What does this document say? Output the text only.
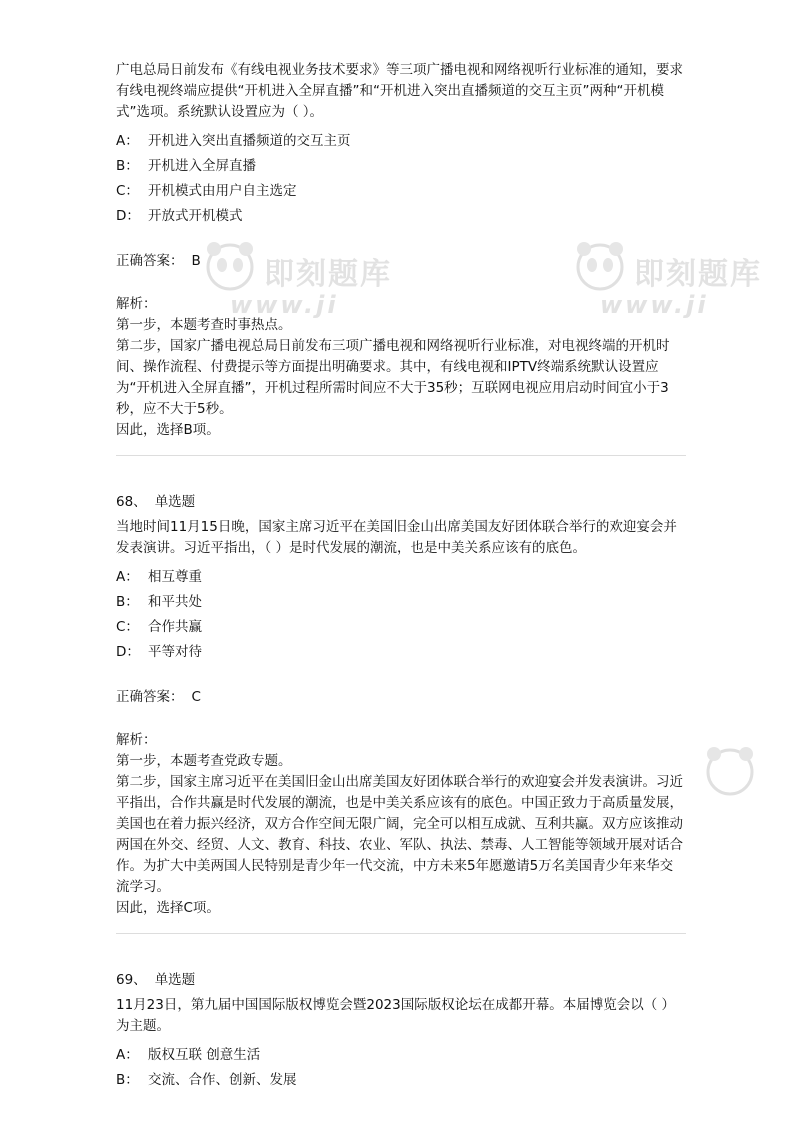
即刻题库
www.ji
即刻题库
www.ji

广电总局日前发布《有线电视业务技术要求》等三项广播电视和网络视听行业标准的通知，要求有线电视终端应提供“开机进入全屏直播”和“开机进入突出直播频道的交互主页”两种“开机模式”选项。系统默认设置应为（ ）。

A： 开机进入突出直播频道的交互主页
B： 开机进入全屏直播
C： 开机模式由用户自主选定
D： 开放式开机模式
正确答案： B
解析：

第一步，本题考查时事热点。

第二步，国家广播电视总局日前发布三项广播电视和网络视听行业标准，对电视终端的开机时间、操作流程、付费提示等方面提出明确要求。其中，有线电视和IPTV终端系统默认设置应为“开机进入全屏直播”，开机过程所需时间应不大于35秒；互联网电视应用启动时间宜小于3秒，应不大于5秒。

因此，选择B项。

68、 单选题

当地时间11月15日晚，国家主席习近平在美国旧金山出席美国友好团体联合举行的欢迎宴会并发表演讲。习近平指出，（ ）是时代发展的潮流，也是中美关系应该有的底色。

A： 相互尊重
B： 和平共处
C： 合作共赢
D： 平等对待
正确答案： C
解析：

第一步，本题考查党政专题。

第二步，国家主席习近平在美国旧金山出席美国友好团体联合举行的欢迎宴会并发表演讲。习近平指出，合作共赢是时代发展的潮流，也是中美关系应该有的底色。中国正致力于高质量发展，美国也在着力振兴经济，双方合作空间无限广阔，完全可以相互成就、互利共赢。双方应该推动两国在外交、经贸、人文、教育、科技、农业、军队、执法、禁毒、人工智能等领域开展对话合作。为扩大中美两国人民特别是青少年一代交流，中方未来5年愿邀请5万名美国青少年来华交流学习。

因此，选择C项。

69、 单选题

11月23日，第九届中国国际版权博览会暨2023国际版权论坛在成都开幕。本届博览会以（ ）为主题。

A： 版权互联 创意生活
B： 交流、合作、创新、发展
